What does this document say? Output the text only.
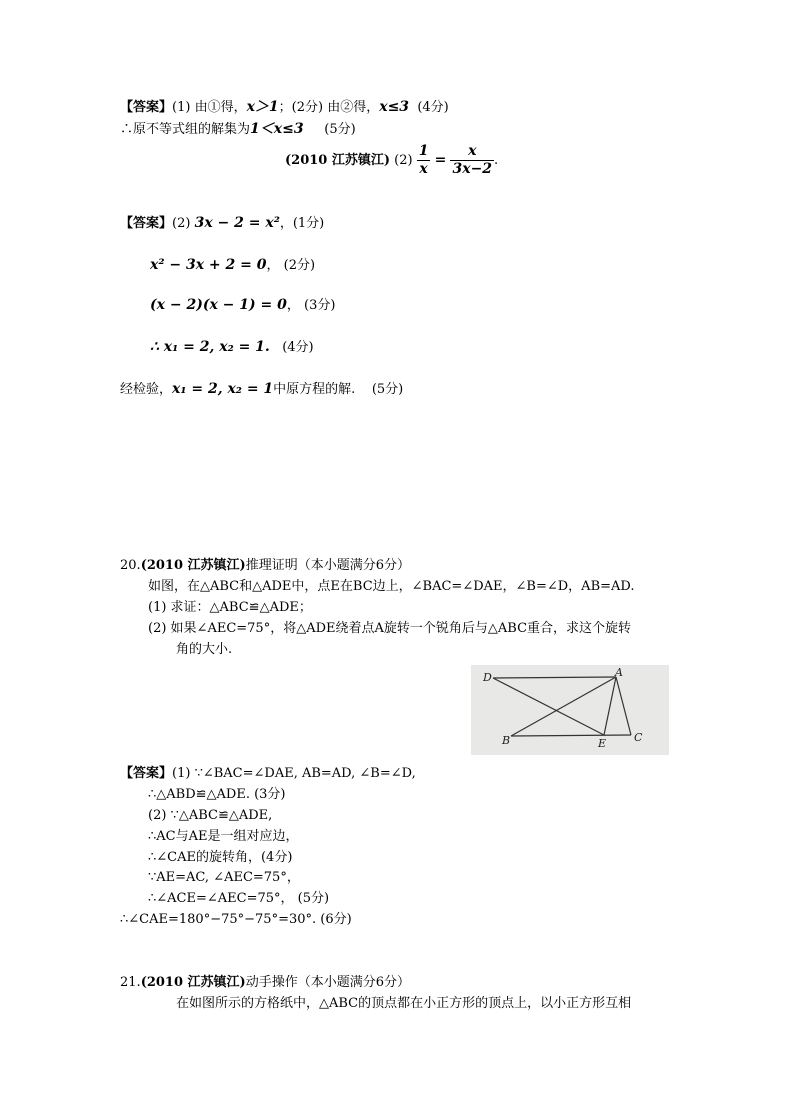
【答案】(1) 由①得，x＞1；(2分) 由②得，x≤3 (4分)
∴原不等式组的解集为1＜x≤3 (5分)
(2010 江苏镇江) $(2) \frac{1}{x} = \frac{x}{3x-2}$ .
【答案】(2) 3x − 2 = x²，(1分)
x² − 3x + 2 = 0， (2分)
(x − 2)(x − 1) = 0， (3分)
∴ x₁ = 2, x₂ = 1. (4分)
经检验，x₁ = 2, x₂ = 1中原方程的解. (5分)
20.(2010 江苏镇江)推理证明（本小题满分6分）
如图，在△ABC和△ADE中，点E在BC边上，∠BAC=∠DAE，∠B=∠D，AB=AD.
(1) 求证：△ABC≌△ADE；
(2) 如果∠AEC=75°，将△ADE绕着点A旋转一个锐角后与△ABC重合，求这个旋转
角的大小.
D	A
B	E	C
【答案】(1) ∵∠BAC=∠DAE, AB=AD, ∠B=∠D,
∴△ABD≌△ADE. (3分)
(2) ∵△ABC≌△ADE,
∴AC与AE是一组对应边，
∴∠CAE的旋转角，(4分)
∵AE=AC, ∠AEC=75°，
∴∠ACE=∠AEC=75°， (5分)
∴∠CAE=180°−75°−75°=30°. (6分)
21.(2010 江苏镇江)动手操作（本小题满分6分）
在如图所示的方格纸中，△ABC的顶点都在小正方形的顶点上，以小正方形互相
